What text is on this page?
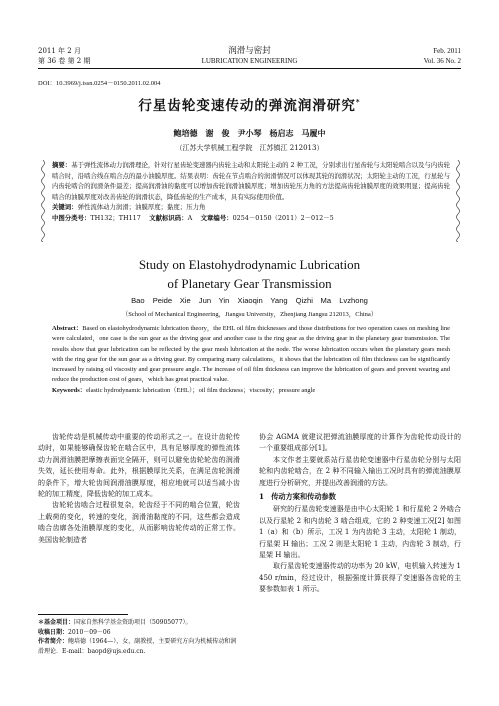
2011 年 2 月
第 36 卷 第 2 期
润滑与密封
LUBRICATION ENGINEERING
Feb. 2011
Vol. 36 No. 2
DOI：10.3969/j.issn.0254－0150.2011.02.004
行星齿轮变速传动的弹流润滑研究*
鲍培德　谢　俊　尹小琴　杨启志　马履中
（江苏大学机械工程学院　江苏镇江 212013）
摘要：基于弹性流体动力润滑理论，针对行星齿轮变速器内齿轮主动和太阳轮主动的 2 种工况，分别求出行星齿轮与太阳轮啮合以及与内齿轮啮合时，沿啮合线在啮合点的最小油膜厚度。结果表明：齿轮在节点啮合的润滑情况可以体现其轮的润滑状况；太阳轮主动的工况，行星轮与内齿轮啮合的润滑条件最差；提高润滑油的黏度可以增加齿轮润滑油膜厚度；增加齿轮压力角的方法提高齿轮油膜厚度的效果明显；提高齿轮啮合的油膜厚度对改善齿轮的润滑状态，降低齿轮的生产成本，具有实际使用价值。
关键词：弹性流体动力润滑；油膜厚度；黏度；压力角
中图分类号：TH132；TH117  文献标识码：A  文章编号：0254－0150（2011）2－012－5
Study on Elastohydrodynamic Lubrication
of Planetary Gear Transmission
Bao Peide　Xie Jun　Yin Xiaoqin　Yang Qizhi　Ma Lvzhong
（School of Mechanical Engineering，Jiangsu University，Zhenjiang Jiangsu 212013，China）
Abstract：Based on elastohydrodynamic lubrication theory，the EHL oil film thicknesses and those distributions for two operation cases on meshing line were calculated，one case is the sun gear as the driving gear and another case is the ring gear as the driving gear in the planetary gear transmission. The results show that gear lubrication can be reflected by the gear mesh lubrication at the node. The worse lubrication occurs when the planetary gears mesh with the ring gear for the sun gear as a driving gear. By comparing many calculations，it shows that the lubrication oil film thickness can be significantly increased by raising oil viscosity and gear pressure angle. The increase of oil film thickness can improve the lubrication of gears and prevent wearing and reduce the production cost of gears，which has great practical value.
Keywords：elastic hydrodynamic lubrication（EHL）；oil film thickness；viscosity；pressure angle

齿轮传动是机械传动中重要的传动形式之一。在设计齿轮传动时，如果能够确保齿轮在啮合区中，具有足够厚度的弹性流体动力润滑油膜把摩擦表面完全隔开，则可以避免齿轮轮齿的润滑失效，延长使用寿命。此外，根据膜厚比关系，在满足齿轮润滑的条件下，增大轮齿间润滑油膜厚度，相应地就可以适当减小齿轮的加工精度，降低齿轮的加工成本。

齿轮轮齿啮合过程很复杂，轮齿经于不同的啮合位置，轮齿上载荷的变化，转速的变化，润滑油黏度的不同，这些都会造成啮合齿廓各处油膜厚度的变化，从而影响齿轮传动的正常工作。美国齿轮制造者

＊基金项目：国家自然科学基金资助项目（50905077）。
收稿日期：2010－09－06
作者简介：鲍培德（1964—），女，副教授，主要研究方向为机械传动和润滑理论．E-mail：baopd@ujs.edu.cn.

协会 AGMA 就建议把弹流油膜厚度的计算作为齿轮传动设计的一个重要组成部分[1]。

本文作者主要就系站行星齿轮变速器中行星齿轮分别与太阳轮和内齿轮啮合，在 2 种不同输入输出工况时具有的弹流油膜厚度进行分析研究，并提出改善润滑的方法。

1　传动方案和传动参数

研究的行星齿轮变速器是由中心太阳轮 1 和行星轮 2 外啮合以及行星轮 2 和内齿轮 3 啮合组成，它的 2 种变速工况[2] 如图 1（a）和（b）所示，工况 1 为内齿轮 3 主动，太阳轮 1 制动，行星架 H 输出；工况 2 则是太阳轮 1 主动，内齿轮 3 制动，行星架 H 输出。

取行星齿轮变速器传动的功率为 20 kW，电机输入转速为 1 450 r/min，经过设计，根据强度计算获得了变速器各齿轮的主要参数如表 1 所示。
